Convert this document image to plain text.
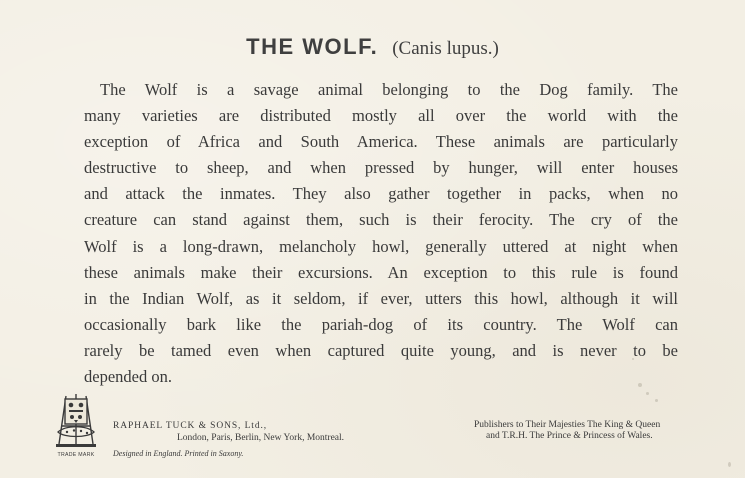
THE WOLF. (Canis lupus.)
The Wolf is a savage animal belonging to the Dog family. The
many varieties are distributed mostly all over the world with the
exception of Africa and South America. These animals are particularly
destructive to sheep, and when pressed by hunger, will enter houses
and attack the inmates. They also gather together in packs, when no
creature can stand against them, such is their ferocity. The cry of the
Wolf is a long-drawn, melancholy howl, generally uttered at night when
these animals make their excursions. An exception to this rule is found
in the Indian Wolf, as it seldom, if ever, utters this howl, although it will
occasionally bark like the pariah-dog of its country. The Wolf can
rarely be tamed even when captured quite young, and is never to be
depended on.
TRADE MARK
RAPHAEL TUCK & SONS, Ltd.,
London, Paris, Berlin, New York, Montreal.
Designed in England. Printed in Saxony.
Publishers to Their Majesties The King & Queen
and T.R.H. The Prince & Princess of Wales.
